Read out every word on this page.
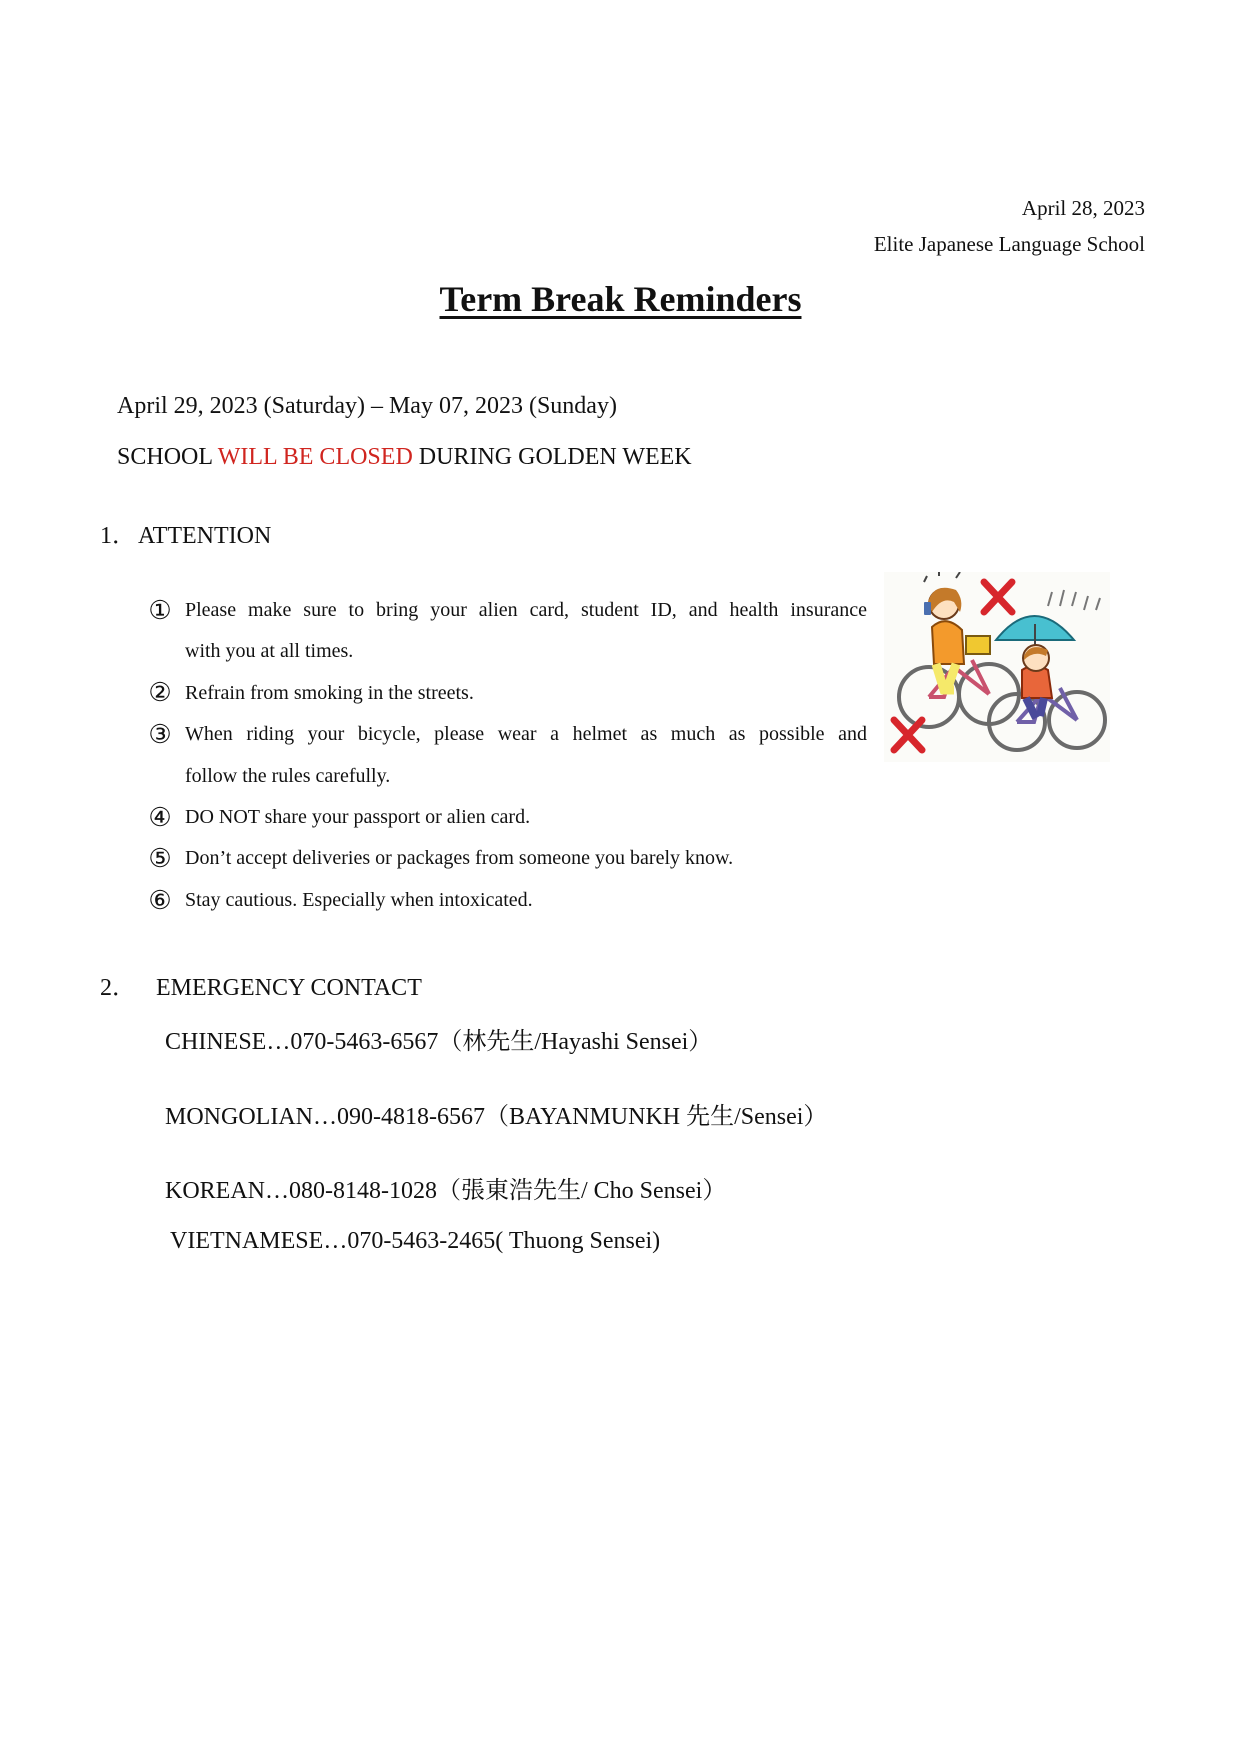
April 28, 2023
Elite Japanese Language School
Term Break Reminders
April 29, 2023 (Saturday) – May 07, 2023 (Sunday)
SCHOOL WILL BE CLOSED DURING GOLDEN WEEK
1．ATTENTION
① Please make sure to bring your alien card, student ID, and health insurance
with you at all times.
② Refrain from smoking in the streets.
③ When riding your bicycle, please wear a helmet as much as possible and
follow the rules carefully.
④ DO NOT share your passport or alien card.
⑤ Don’t accept deliveries or packages from someone you barely know.
⑥ Stay cautious. Especially when intoxicated.
2． EMERGENCY CONTACT
CHINESE…070-5463-6567（林先生/Hayashi Sensei）
MONGOLIAN…090-4818-6567（BAYANMUNKH 先生/Sensei）
KOREAN…080-8148-1028（張東浩先生/ Cho Sensei）
VIETNAMESE…070-5463-2465( Thuong Sensei)
